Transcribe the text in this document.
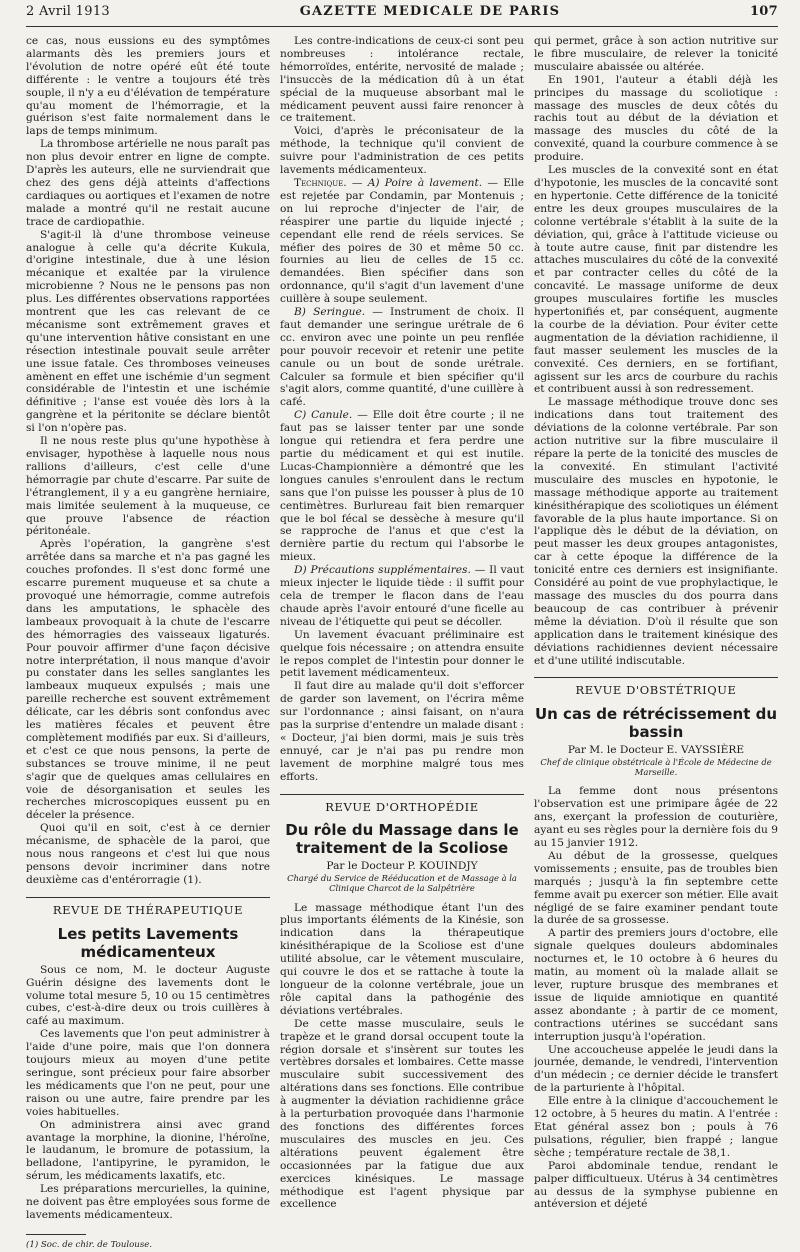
2 Avril 1913	GAZETTE MEDICALE DE PARIS	107

ce cas, nous eussions eu des symptômes alarmants dès les premiers jours et l'évolution de notre opéré eût été toute différente : le ventre a toujours été très souple, il n'y a eu d'élévation de température qu'au moment de l'hémorragie, et la guérison s'est faite normalement dans le laps de temps minimum.

La thrombose artérielle ne nous paraît pas non plus devoir entrer en ligne de compte. D'après les auteurs, elle ne surviendrait que chez des gens déjà atteints d'affections cardiaques ou aortiques et l'examen de notre malade a montré qu'il ne restait aucune trace de cardiopathie.

S'agit-il là d'une thrombose veineuse analogue à celle qu'a décrite Kukula, d'origine intestinale, due à une lésion mécanique et exaltée par la virulence microbienne ? Nous ne le pensons pas non plus. Les différentes observations rapportées montrent que les cas relevant de ce mécanisme sont extrêmement graves et qu'une intervention hâtive consistant en une résection intestinale pouvait seule arrêter une issue fatale. Ces thromboses veineuses amènent en effet une ischémie d'un segment considérable de l'intestin et une ischémie définitive ; l'anse est vouée dès lors à la gangrène et la péritonite se déclare bientôt si l'on n'opère pas.

Il ne nous reste plus qu'une hypothèse à envisager, hypothèse à laquelle nous nous rallions d'ailleurs, c'est celle d'une hémorragie par chute d'escarre. Par suite de l'étranglement, il y a eu gangrène herniaire, mais limitée seulement à la muqueuse, ce que prouve l'absence de réaction péritonéale.

Après l'opération, la gangrène s'est arrêtée dans sa marche et n'a pas gagné les couches profondes. Il s'est donc formé une escarre purement muqueuse et sa chute a provoqué une hémorragie, comme autrefois dans les amputations, le sphacèle des lambeaux provoquait à la chute de l'escarre des hémorragies des vaisseaux ligaturés. Pour pouvoir affirmer d'une façon décisive notre interprétation, il nous manque d'avoir pu constater dans les selles sanglantes les lambeaux muqueux expulsés ; mais une pareille recherche est souvent extrêmement délicate, car les débris sont confondus avec les matières fécales et peuvent être complètement modifiés par eux. Si d'ailleurs, et c'est ce que nous pensons, la perte de substances se trouve minime, il ne peut s'agir que de quelques amas cellulaires en voie de désorganisation et seules les recherches microscopiques eussent pu en déceler la présence.

Quoi qu'il en soit, c'est à ce dernier mécanisme, de sphacèle de la paroi, que nous nous rangeons et c'est lui que nous pensons devoir incriminer dans notre deuxième cas d'entérorragie (1).

REVUE DE THÉRAPEUTIQUE
Les petits Lavements médicamenteux

Sous ce nom, M. le docteur Auguste Guérin désigne des lavements dont le volume total mesure 5, 10 ou 15 centimètres cubes, c'est-à-dire deux ou trois cuillères à café au maximum.

Ces lavements que l'on peut administrer à l'aide d'une poire, mais que l'on donnera toujours mieux au moyen d'une petite seringue, sont précieux pour faire absorber les médicaments que l'on ne peut, pour une raison ou une autre, faire prendre par les voies habituelles.

On administrera ainsi avec grand avantage la morphine, la dionine, l'héroïne, le laudanum, le bromure de potassium, la belladone, l'antipyrine, le pyramidon, le sérum, les médicaments laxatifs, etc.

Les préparations mercurielles, la quinine, ne doivent pas être employées sous forme de lavements médicamenteux.

(1) Soc. de chir. de Toulouse.

Les contre-indications de ceux-ci sont peu nombreuses : intolérance rectale, hémorroïdes, entérite, nervosité de malade ; l'insuccès de la médication dû à un état spécial de la muqueuse absorbant mal le médicament peuvent aussi faire renoncer à ce traitement.

Voici, d'après le préconisateur de la méthode, la technique qu'il convient de suivre pour l'administration de ces petits lavements médicamenteux.

Technique. — A) Poire à lavement. — Elle est rejetée par Condamin, par Montenuis ; on lui reproche d'injecter de l'air, de réaspirer une partie du liquide injecté ; cependant elle rend de réels services. Se méfier des poires de 30 et même 50 cc. fournies au lieu de celles de 15 cc. demandées. Bien spécifier dans son ordonnance, qu'il s'agit d'un lavement d'une cuillère à soupe seulement.

B) Seringue. — Instrument de choix. Il faut demander une seringue urétrale de 6 cc. environ avec une pointe un peu renflée pour pouvoir recevoir et retenir une petite canule ou un bout de sonde urétrale. Calculer sa formule et bien spécifier qu'il s'agit alors, comme quantité, d'une cuillère à café.

C) Canule. — Elle doit être courte ; il ne faut pas se laisser tenter par une sonde longue qui retiendra et fera perdre une partie du médicament et qui est inutile. Lucas-Championnière a démontré que les longues canules s'enroulent dans le rectum sans que l'on puisse les pousser à plus de 10 centimètres. Burlureau fait bien remarquer que le bol fécal se dessèche à mesure qu'il se rapproche de l'anus et que c'est la dernière partie du rectum qui l'absorbe le mieux.

D) Précautions supplémentaires. — Il vaut mieux injecter le liquide tiède : il suffit pour cela de tremper le flacon dans de l'eau chaude après l'avoir entouré d'une ficelle au niveau de l'étiquette qui peut se décoller.

Un lavement évacuant préliminaire est quelque fois nécessaire ; on attendra ensuite le repos complet de l'intestin pour donner le petit lavement médicamenteux.

Il faut dire au malade qu'il doit s'efforcer de garder son lavement, on l'écrira même sur l'ordonnance ; ainsi faisant, on n'aura pas la surprise d'entendre un malade disant : « Docteur, j'ai bien dormi, mais je suis très ennuyé, car je n'ai pas pu rendre mon lavement de morphine malgré tous mes efforts.

REVUE D'ORTHOPÉDIE
Du rôle du Massage dans le traitement de la Scoliose
Par le Docteur P. KOUINDJY
Chargé du Service de Rééducation et de Massage à la Clinique Charcot de la Salpêtrière

Le massage méthodique étant l'un des plus importants éléments de la Kinésie, son indication dans la thérapeutique kinésithérapique de la Scoliose est d'une utilité absolue, car le vêtement musculaire, qui couvre le dos et se rattache à toute la longueur de la colonne vertébrale, joue un rôle capital dans la pathogénie des déviations vertébrales.

De cette masse musculaire, seuls le trapèze et le grand dorsal occupent toute la région dorsale et s'insèrent sur toutes les vertèbres dorsales et lombaires. Cette masse musculaire subit successivement des altérations dans ses fonctions. Elle contribue à augmenter la déviation rachidienne grâce à la perturbation provoquée dans l'harmonie des fonctions des différentes forces musculaires des muscles en jeu. Ces altérations peuvent également être occasionnées par la fatigue due aux exercices kinésiques. Le massage méthodique est l'agent physique par excellence

qui permet, grâce à son action nutritive sur le fibre musculaire, de relever la tonicité musculaire abaissée ou altérée.

En 1901, l'auteur a établi déjà les principes du massage du scoliotique : massage des muscles de deux côtés du rachis tout au début de la déviation et massage des muscles du côté de la convexité, quand la courbure commence à se produire.

Les muscles de la convexité sont en état d'hypotonie, les muscles de la concavité sont en hypertonie. Cette différence de la tonicité entre les deux groupes musculaires de la colonne vertébrale s'établit à la suite de la déviation, qui, grâce à l'attitude vicieuse ou à toute autre cause, finit par distendre les attaches musculaires du côté de la convexité et par contracter celles du côté de la concavité. Le massage uniforme de deux groupes musculaires fortifie les muscles hypertonifiés et, par conséquent, augmente la courbe de la déviation. Pour éviter cette augmentation de la déviation rachidienne, il faut masser seulement les muscles de la convexité. Ces derniers, en se fortifiant, agissent sur les arcs de courbure du rachis et contribuent aussi à son redressement.

Le massage méthodique trouve donc ses indications dans tout traitement des déviations de la colonne vertébrale. Par son action nutritive sur la fibre musculaire il répare la perte de la tonicité des muscles de la convexité. En stimulant l'activité musculaire des muscles en hypotonie, le massage méthodique apporte au traitement kinésithérapique des scoliotiques un élément favorable de la plus haute importance. Si on l'applique dès le début de la déviation, on peut masser les deux groupes antagonistes, car à cette époque la différence de la tonicité entre ces derniers est insignifiante. Considéré au point de vue prophylactique, le massage des muscles du dos pourra dans beaucoup de cas contribuer à prévenir même la déviation. D'où il résulte que son application dans le traitement kinésique des déviations rachidiennes devient nécessaire et d'une utilité indiscutable.

REVUE D'OBSTÉTRIQUE
Un cas de rétrécissement du bassin
Par M. le Docteur E. VAYSSIÈRE
Chef de clinique obstétricale à l'École de Médecine de Marseille.

La femme dont nous présentons l'observation est une primipare âgée de 22 ans, exerçant la profession de couturière, ayant eu ses règles pour la dernière fois du 9 au 15 janvier 1912.

Au début de la grossesse, quelques vomissements ; ensuite, pas de troubles bien marqués ; jusqu'à la fin septembre cette femme avait pu exercer son métier. Elle avait négligé de se faire examiner pendant toute la durée de sa grossesse.

A partir des premiers jours d'octobre, elle signale quelques douleurs abdominales nocturnes et, le 10 octobre à 6 heures du matin, au moment où la malade allait se lever, rupture brusque des membranes et issue de liquide amniotique en quantité assez abondante ; à partir de ce moment, contractions utérines se succédant sans interruption jusqu'à l'opération.

Une accoucheuse appelée le jeudi dans la journée, demande, le vendredi, l'intervention d'un médecin ; ce dernier décide le transfert de la parturiente à l'hôpital.

Elle entre à la clinique d'accouchement le 12 octobre, à 5 heures du matin. A l'entrée : Etat général assez bon ; pouls à 76 pulsations, régulier, bien frappé ; langue sèche ; température rectale de 38,1.

Paroi abdominale tendue, rendant le palper difficultueux. Utérus à 34 centimètres au dessus de la symphyse pubienne en antéversion et déjeté
